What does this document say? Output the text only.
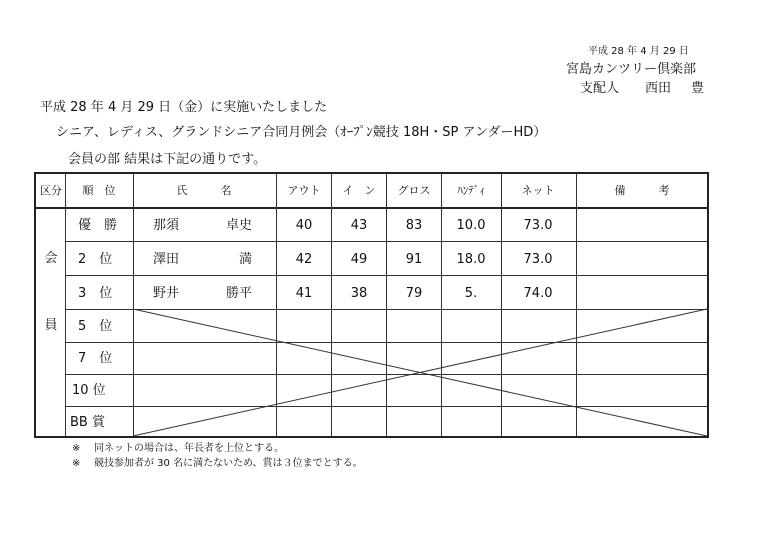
平成 28 年 4 月 29 日
宮島カンツリー倶楽部
支配人 西田 豊
平成 28 年 4 月 29 日（金）に実施いたしました
シニア、レディス、グランドシニア合同月例会（ｵｰﾌﾟﾝ競技 18H・SP アンダーHD）
会員の部 結果は下記の通りです。
区分 順　位	氏　　　名	アウト イ　ン グロス ﾊﾝﾃﾞｨ	ネット	備　　　考
会
員
優　勝	那須	卓史	40	43	83	10.0	73.0
2　位	澤田	満	42	49	91	18.0	73.0
3　位	野井	勝平	41	38	79	5.	74.0
5　位
7　位
10 位
BB 賞
※ 同ネットの場合は、年長者を上位とする。
※ 競技参加者が 30 名に満たないため、賞は３位までとする。
